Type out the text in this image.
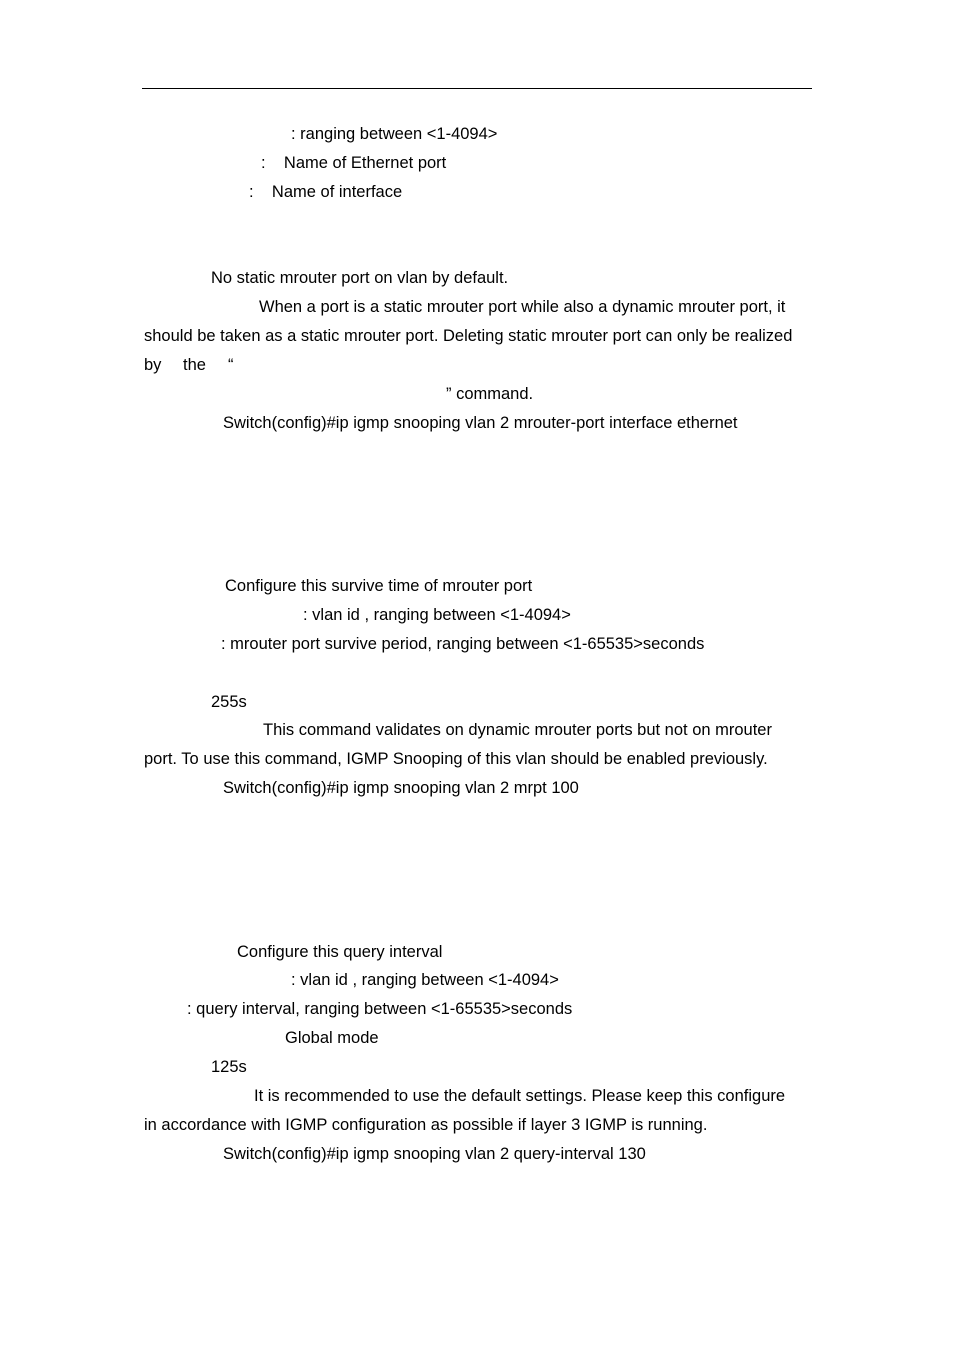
: ranging between <1-4094>
:    Name of Ethernet port
:    Name of interface
No static mrouter port on vlan by default.
When a port is a static mrouter port while also a dynamic mrouter port, it
should be taken as a static mrouter port. Deleting static mrouter port can only be realized
by the “
” command.
Switch(config)#ip igmp snooping vlan 2 mrouter-port interface ethernet
Configure this survive time of mrouter port
: vlan id , ranging between <1-4094>
: mrouter port survive period, ranging between <1-65535>seconds
255s
This command validates on dynamic mrouter ports but not on mrouter
port. To use this command, IGMP Snooping of this vlan should be enabled previously.
Switch(config)#ip igmp snooping vlan 2 mrpt 100
Configure this query interval
: vlan id , ranging between <1-4094>
: query interval, ranging between <1-65535>seconds
Global mode
125s
It is recommended to use the default settings. Please keep this configure
in accordance with IGMP configuration as possible if layer 3 IGMP is running.
Switch(config)#ip igmp snooping vlan 2 query-interval 130
